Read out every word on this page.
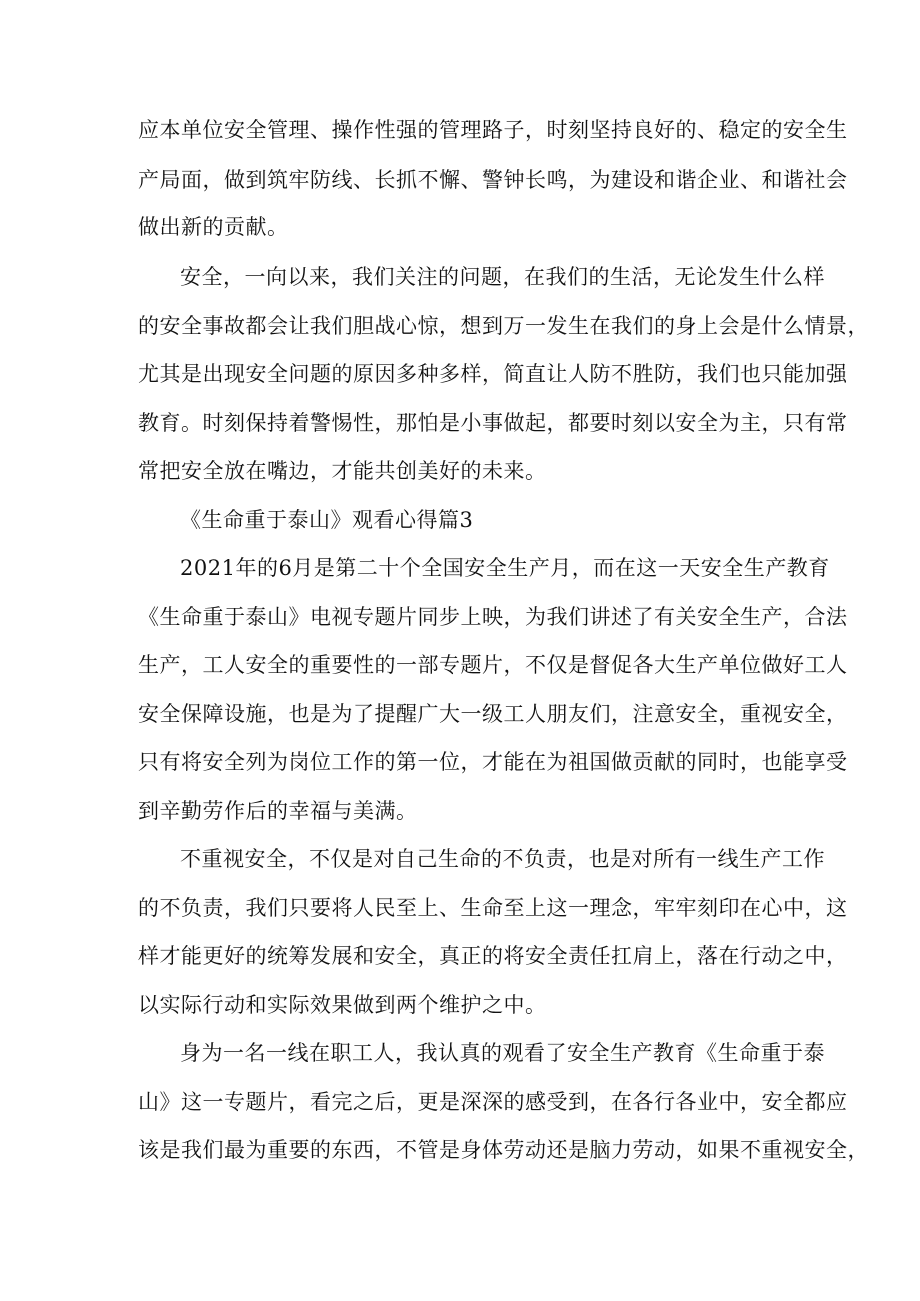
应本单位安全管理、操作性强的管理路子，时刻坚持良好的、稳定的安全生
产局面，做到筑牢防线、长抓不懈、警钟长鸣，为建设和谐企业、和谐社会
做出新的贡献。
安全，一向以来，我们关注的问题，在我们的生活，无论发生什么样
的安全事故都会让我们胆战心惊，想到万一发生在我们的身上会是什么情景，
尤其是出现安全问题的原因多种多样，简直让人防不胜防，我们也只能加强
教育。时刻保持着警惕性，那怕是小事做起，都要时刻以安全为主，只有常
常把安全放在嘴边，才能共创美好的未来。
《生命重于泰山》观看心得篇3
2021年的6月是第二十个全国安全生产月，而在这一天安全生产教育
《生命重于泰山》电视专题片同步上映，为我们讲述了有关安全生产，合法
生产，工人安全的重要性的一部专题片，不仅是督促各大生产单位做好工人
安全保障设施，也是为了提醒广大一级工人朋友们，注意安全，重视安全，
只有将安全列为岗位工作的第一位，才能在为祖国做贡献的同时，也能享受
到辛勤劳作后的幸福与美满。
不重视安全，不仅是对自己生命的不负责，也是对所有一线生产工作
的不负责，我们只要将人民至上、生命至上这一理念，牢牢刻印在心中，这
样才能更好的统筹发展和安全，真正的将安全责任扛肩上，落在行动之中，
以实际行动和实际效果做到两个维护之中。
身为一名一线在职工人，我认真的观看了安全生产教育《生命重于泰
山》这一专题片，看完之后，更是深深的感受到，在各行各业中，安全都应
该是我们最为重要的东西，不管是身体劳动还是脑力劳动，如果不重视安全，
